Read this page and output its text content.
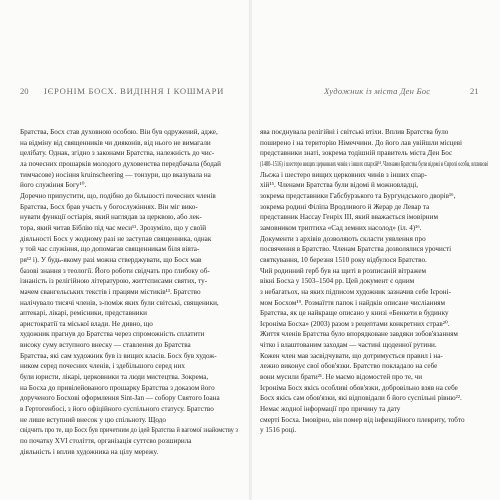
20 ІЄРОНІМ БОСХ. ВИДІННЯ І КОШМАРИ
Братства, Босх став духовною особою. Він був одружений, адже,
на відміну від священників чи дияконів, від нього не вимагали
целібату. Однак, згідно з законами Братства, належність до чис-
ла почесних прошарків молодого духовенства передбачала (бодай
тимчасове) носіння kruinscheering — тонзури, що вказувала на
його служіння Богу¹⁰.
Доречно припустити, що, подібно до більшості почесних членів
Братства, Босх брав участь у богослужіннях. Він міг вико-
нувати функції остіарія, який наглядав за церквою, або лек-
тора, який читав Біблію під час меси¹¹. Зрозуміло, що у своїй
діяльності Босх у жодному разі не заступав священника, однак
у той час служіння, що допомагав священникам біля вівта-
ря¹² і). У будь-якому разі можна стверджувати, що Босх мав
базові знання з теології. Його роботи свідчать про глибоку об-
ізнаність із релігійною літературою, життєписами святих, ту-
мачем євангельських текстів і працями містиків¹³. Братство
налічувало тисячі членів, з-поміж яких були світські, священики,
аптекарі, лікарі, ремісники, представники
аристократії та міської влади. Не дивно, що
художник прагнув до Братства через спроможність сплатити
високу суму вступного внеску — ставлення до Братства
Братства, які сам художник був із вищих класів. Босх був худож-
ником серед почесних членів, і здебільшого серед них
були юристи, лікарі, церковники та люди мистецтва. Зокрема,
на Босха до привілейованого прошарку Братства з доказом його
дорученого Босхові оформлення Sint-Jan — собору Святого Іоана
в Гертогенбосі, з його офіційного суспільного статусу. Братство
не лише вступний внесок у цю спільноту. Щодо
свідчить про те, що Босх був причетним до ідей Братства й вагомої знайомству з
по початку XVI століття, організація суттєво розширила
діяльність і вплив художника на цілу мережу.
Художник із міста Ден Бос	21
ява поєднувала релігійні і світські втіхи. Вплив Братства було
поширено і на територію Німеччини. До його лав увійшли місцеві
представники знаті, зокрема тодішній правитель міста Ден Бос
(1480–1516) і шестеро вищих церковних чинів з інших єпархій¹⁴. Членами Братства були відомі в Європі особи, впливові
Льєжа і шестеро вищих церковних чинів з інших єпар-
хій¹⁵. Членами Братства були відомі й можновладці,
зокрема представники Габсбурзького та Бургундського дворів¹⁶,
зокрема родині Філіпа Вродливого й Жерар де Левар та
представник Нассау Генріх III, який вважається імовірним
замовником триптиха «Сад земних насолод» (іл. 4)¹⁶.
Документи з архівів дозволяють скласти уявлення про
посвячення в Братство. Членам Братства дозволялися урочисті
святкування, 10 березня 1510 року відбулося Братство.
Чий родинний герб був на щиті в розписаній вітражем
вікні Босха у 1503–1504 pp. Цей документ є одним
з небагатьох, на яких підписом художник зазначив себе Ієроні-
мом Босхом¹⁹. Розмаїття папок і найдків описане числіанням
Братства, як це найкраще описано у книзі «Бенкети в будинку
Ієроніма Босха» (2003) разом з рецептами конкретних страв²⁰.
Життя членів Братства було впорядковане завдяки зобов'язанням
чітко і влаштованим заходам — частині щоденної рутини.
Кожен член мав засвідчувати, що дотримується правил і на-
лежно виконує свої обов'язки. Братство покладало на себе
вони мусили брати²¹. Не маємо відомостей про те, чи
Ієроніма Босх якісь особливі обов'язки, добровільно взяв на себе
Босх якісь сам обов'язки, які відповідали б його суспільні рівню²².
Немає жодної інформації про причину та дату
смерті Босха. Імовірно, він помер від інфекційного плевриту, тобто
у 1516 році.
